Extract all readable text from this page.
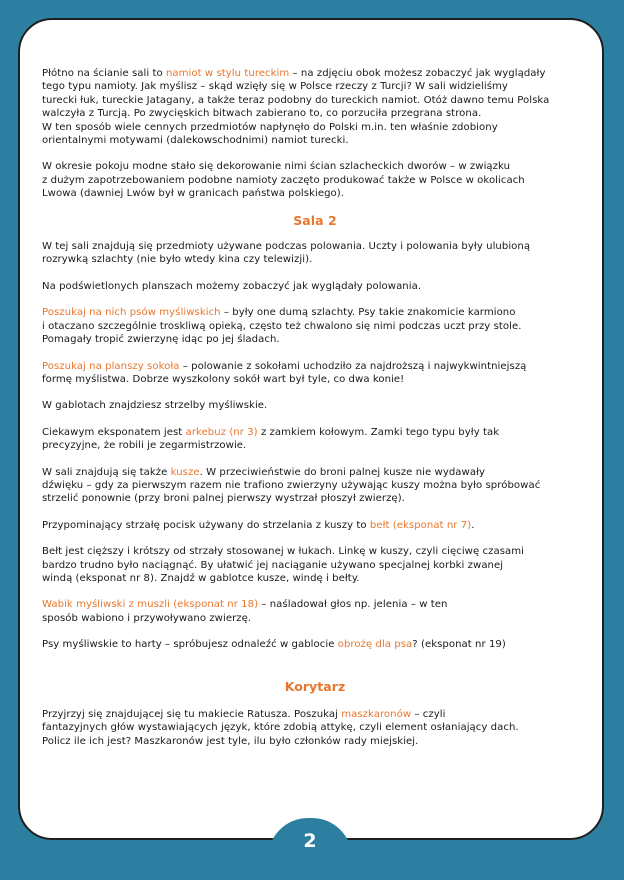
Płótno na ścianie sali to namiot w stylu tureckim – na zdjęciu obok możesz zobaczyć jak wyglądały
tego typu namioty. Jak myślisz – skąd wzięły się w Polsce rzeczy z Turcji? W sali widzieliśmy
turecki łuk, tureckie Jatagany, a także teraz podobny do tureckich namiot. Otóż dawno temu Polska
walczyła z Turcją. Po zwycięskich bitwach zabierano to, co porzuciła przegrana strona.
W ten sposób wiele cennych przedmiotów napłynęło do Polski m.in. ten właśnie zdobiony
orientalnymi motywami (dalekowschodnimi) namiot turecki.

W okresie pokoju modne stało się dekorowanie nimi ścian szlacheckich dworów – w związku
z dużym zapotrzebowaniem podobne namioty zaczęto produkować także w Polsce w okolicach
Lwowa (dawniej Lwów był w granicach państwa polskiego).

Sala 2

W tej sali znajdują się przedmioty używane podczas polowania. Uczty i polowania były ulubioną
rozrywką szlachty (nie było wtedy kina czy telewizji).

Na podświetlonych planszach możemy zobaczyć jak wyglądały polowania.

Poszukaj na nich psów myśliwskich – były one dumą szlachty. Psy takie znakomicie karmiono
i otaczano szczególnie troskliwą opieką, często też chwalono się nimi podczas uczt przy stole.
Pomagały tropić zwierzynę idąc po jej śladach.

Poszukaj na planszy sokoła – polowanie z sokołami uchodziło za najdroższą i najwykwintniejszą
formę myślistwa. Dobrze wyszkolony sokół wart był tyle, co dwa konie!

W gablotach znajdziesz strzelby myśliwskie.

Ciekawym eksponatem jest arkebuz (nr 3) z zamkiem kołowym. Zamki tego typu były tak
precyzyjne, że robili je zegarmistrzowie.

W sali znajdują się także kusze. W przeciwieństwie do broni palnej kusze nie wydawały
dźwięku – gdy za pierwszym razem nie trafiono zwierzyny używając kuszy można było spróbować
strzelić ponownie (przy broni palnej pierwszy wystrzał płoszył zwierzę).

Przypominający strzałę pocisk używany do strzelania z kuszy to bełt (eksponat nr 7).

Bełt jest cięższy i krótszy od strzały stosowanej w łukach. Linkę w kuszy, czyli cięciwę czasami
bardzo trudno było naciągnąć. By ułatwić jej naciąganie używano specjalnej korbki zwanej
windą (eksponat nr 8). Znajdź w gablotce kusze, windę i bełty.

Wabik myśliwski z muszli (eksponat nr 18) – naśladował głos np. jelenia – w ten
sposób wabiono i przywoływano zwierzę.

Psy myśliwskie to harty – spróbujesz odnaleźć w gablocie obrożę dla psa? (eksponat nr 19)

Korytarz

Przyjrzyj się znajdującej się tu makiecie Ratusza. Poszukaj maszkaronów – czyli
fantazyjnych głów wystawiających język, które zdobią attykę, czyli element osłaniający dach.
Policz ile ich jest? Maszkaronów jest tyle, ilu było członków rady miejskiej.

2
